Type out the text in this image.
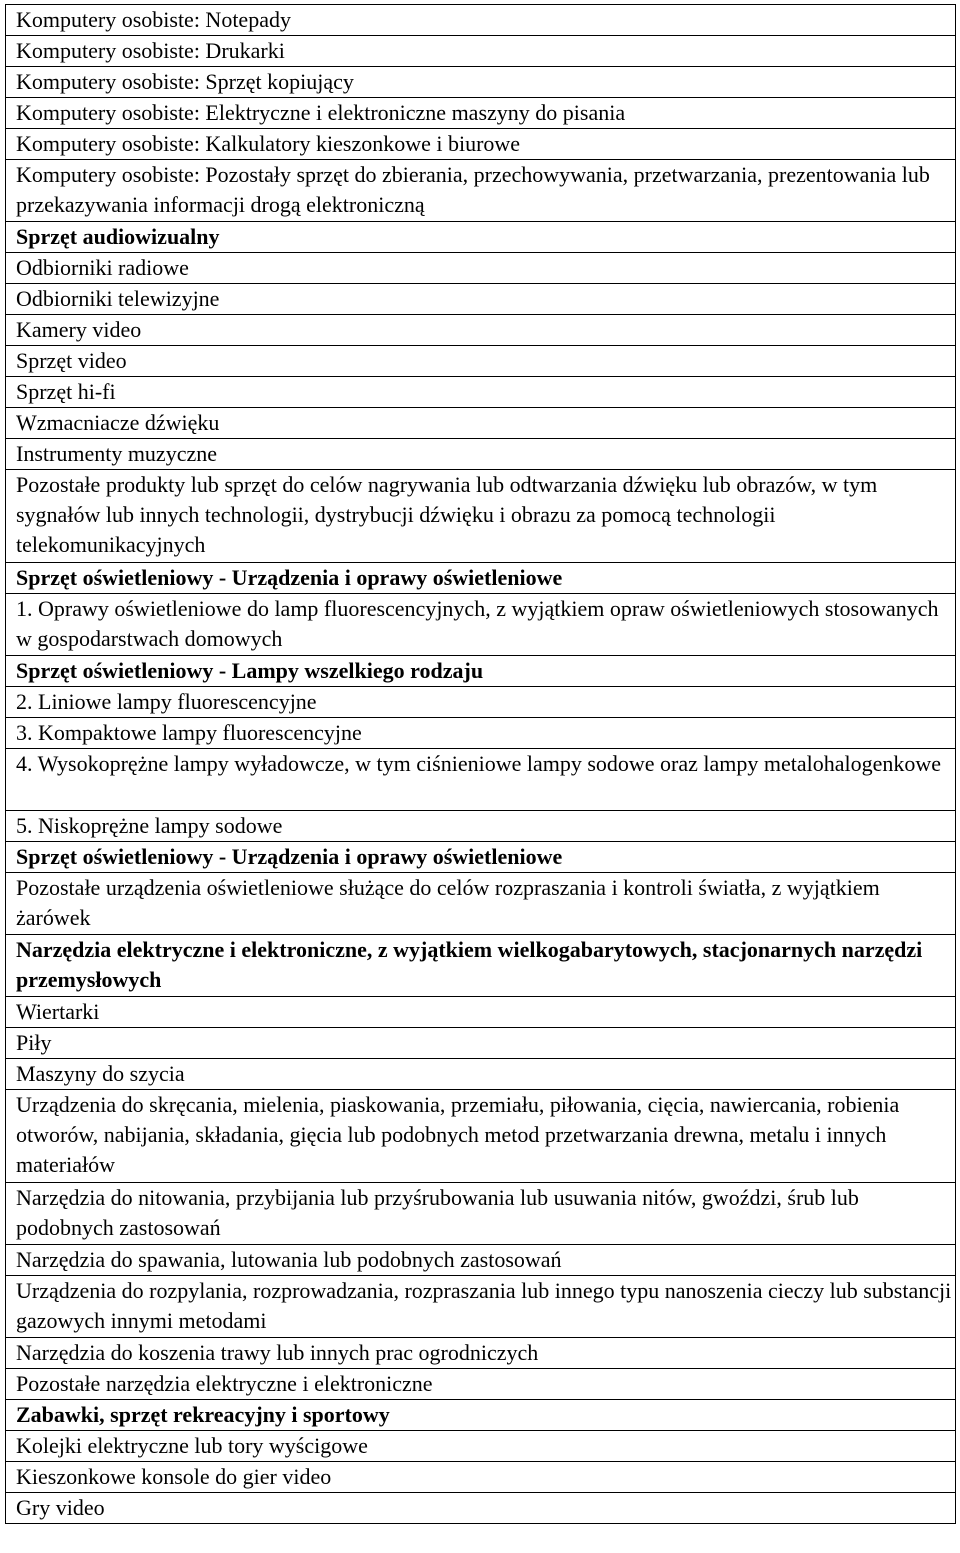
Komputery osobiste: Notepady
Komputery osobiste: Drukarki
Komputery osobiste: Sprzęt kopiujący
Komputery osobiste: Elektryczne i elektroniczne maszyny do pisania
Komputery osobiste: Kalkulatory kieszonkowe i biurowe
Komputery osobiste: Pozostały sprzęt do zbierania, przechowywania, przetwarzania, prezentowania lub przekazywania informacji drogą elektroniczną
Sprzęt audiowizualny
Odbiorniki radiowe
Odbiorniki telewizyjne
Kamery video
Sprzęt video
Sprzęt hi-fi
Wzmacniacze dźwięku
Instrumenty muzyczne
Pozostałe produkty lub sprzęt do celów nagrywania lub odtwarzania dźwięku lub obrazów, w tym sygnałów lub innych technologii, dystrybucji dźwięku i obrazu za pomocą technologii telekomunikacyjnych
Sprzęt oświetleniowy - Urządzenia i oprawy oświetleniowe
1. Oprawy oświetleniowe do lamp fluorescencyjnych, z wyjątkiem opraw oświetleniowych stosowanych w gospodarstwach domowych
Sprzęt oświetleniowy - Lampy wszelkiego rodzaju
2. Liniowe lampy fluorescencyjne
3. Kompaktowe lampy fluorescencyjne
4. Wysokoprężne lampy wyładowcze, w tym ciśnieniowe lampy sodowe oraz lampy metalohalogenkowe
5. Niskoprężne lampy sodowe
Sprzęt oświetleniowy - Urządzenia i oprawy oświetleniowe
Pozostałe urządzenia oświetleniowe służące do celów rozpraszania i kontroli światła, z wyjątkiem żarówek
Narzędzia elektryczne i elektroniczne, z wyjątkiem wielkogabarytowych, stacjonarnych narzędzi przemysłowych
Wiertarki
Piły
Maszyny do szycia
Urządzenia do skręcania, mielenia, piaskowania, przemiału, piłowania, cięcia, nawiercania, robienia otworów, nabijania, składania, gięcia lub podobnych metod przetwarzania drewna, metalu i innych materiałów
Narzędzia do nitowania, przybijania lub przyśrubowania lub usuwania nitów, gwoździ, śrub lub podobnych zastosowań
Narzędzia do spawania, lutowania lub podobnych zastosowań
Urządzenia do rozpylania, rozprowadzania, rozpraszania lub innego typu nanoszenia cieczy lub substancji gazowych innymi metodami
Narzędzia do koszenia trawy lub innych prac ogrodniczych
Pozostałe narzędzia elektryczne i elektroniczne
Zabawki, sprzęt rekreacyjny i sportowy
Kolejki elektryczne lub tory wyścigowe
Kieszonkowe konsole do gier video
Gry video
